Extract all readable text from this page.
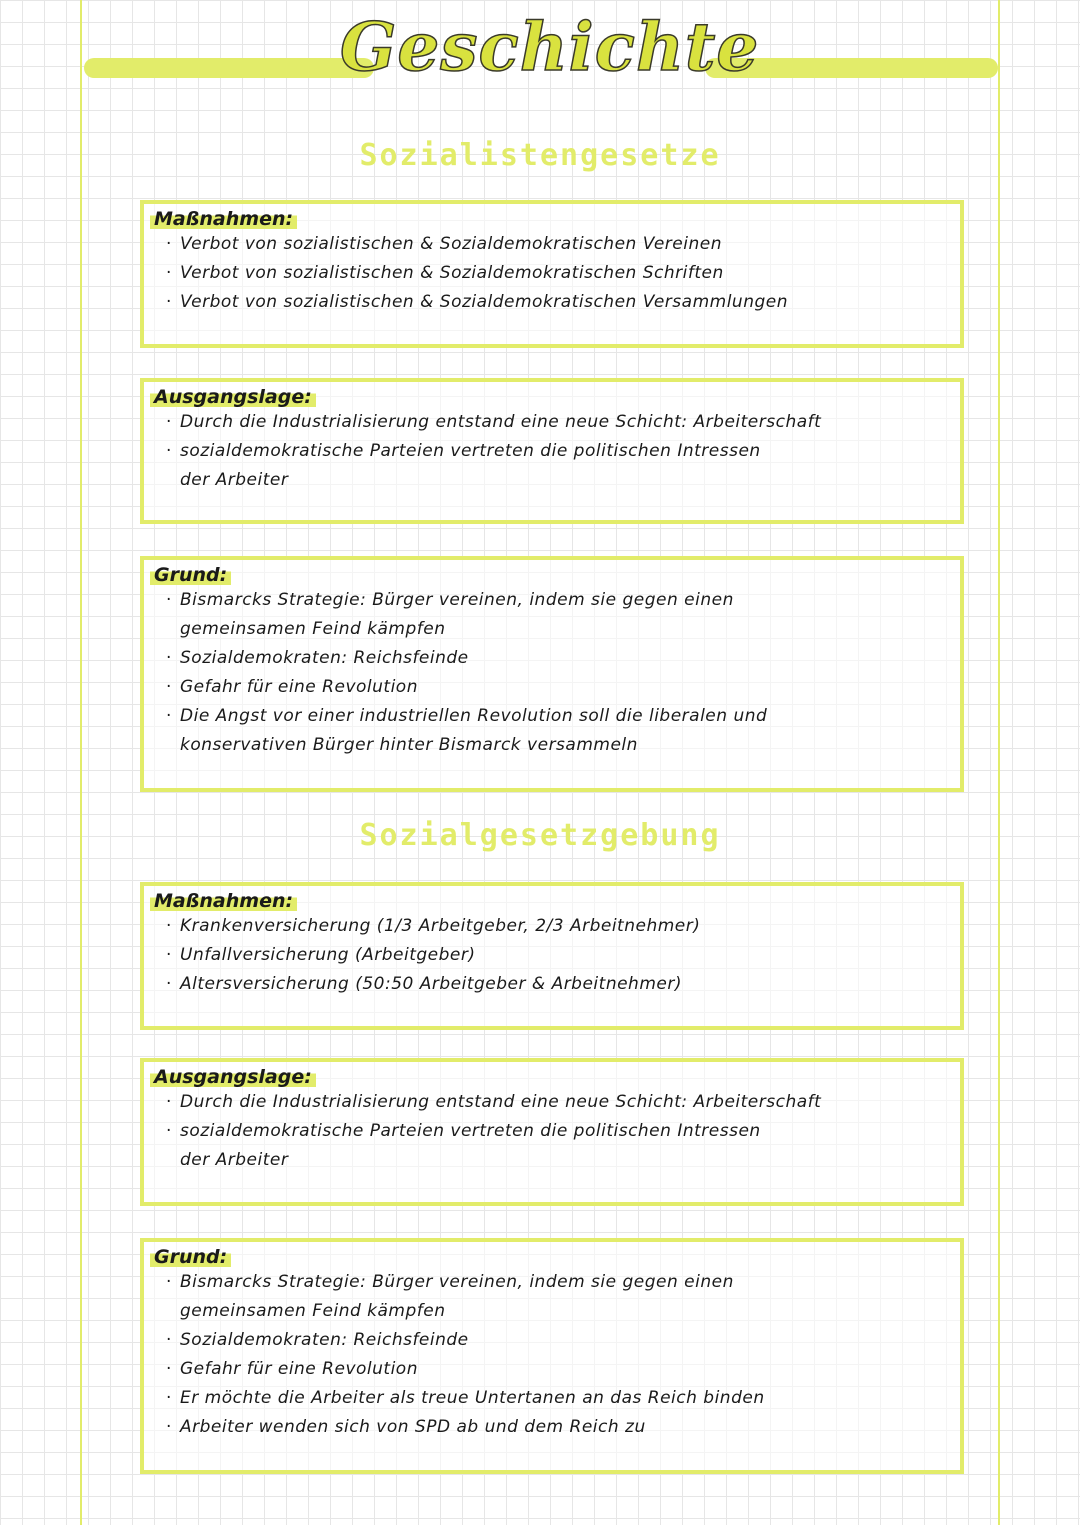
Geschichte
Sozialistengesetze
Maßnahmen:
· Verbot von sozialistischen & Sozialdemokratischen Vereinen
· Verbot von sozialistischen & Sozialdemokratischen Schriften
· Verbot von sozialistischen & Sozialdemokratischen Versammlungen
Ausgangslage:
· Durch die Industrialisierung entstand eine neue Schicht: Arbeiterschaft
· sozialdemokratische Parteien vertreten die politischen Intressen
der Arbeiter
Grund:
· Bismarcks Strategie: Bürger vereinen, indem sie gegen einen
gemeinsamen Feind kämpfen
· Sozialdemokraten: Reichsfeinde
· Gefahr für eine Revolution
· Die Angst vor einer industriellen Revolution soll die liberalen und
konservativen Bürger hinter Bismarck versammeln
Sozialgesetzgebung
Maßnahmen:
· Krankenversicherung (1/3 Arbeitgeber, 2/3 Arbeitnehmer)
· Unfallversicherung (Arbeitgeber)
· Altersversicherung (50:50 Arbeitgeber & Arbeitnehmer)
Ausgangslage:
· Durch die Industrialisierung entstand eine neue Schicht: Arbeiterschaft
· sozialdemokratische Parteien vertreten die politischen Intressen
der Arbeiter
Grund:
· Bismarcks Strategie: Bürger vereinen, indem sie gegen einen
gemeinsamen Feind kämpfen
· Sozialdemokraten: Reichsfeinde
· Gefahr für eine Revolution
· Er möchte die Arbeiter als treue Untertanen an das Reich binden
· Arbeiter wenden sich von SPD ab und dem Reich zu
